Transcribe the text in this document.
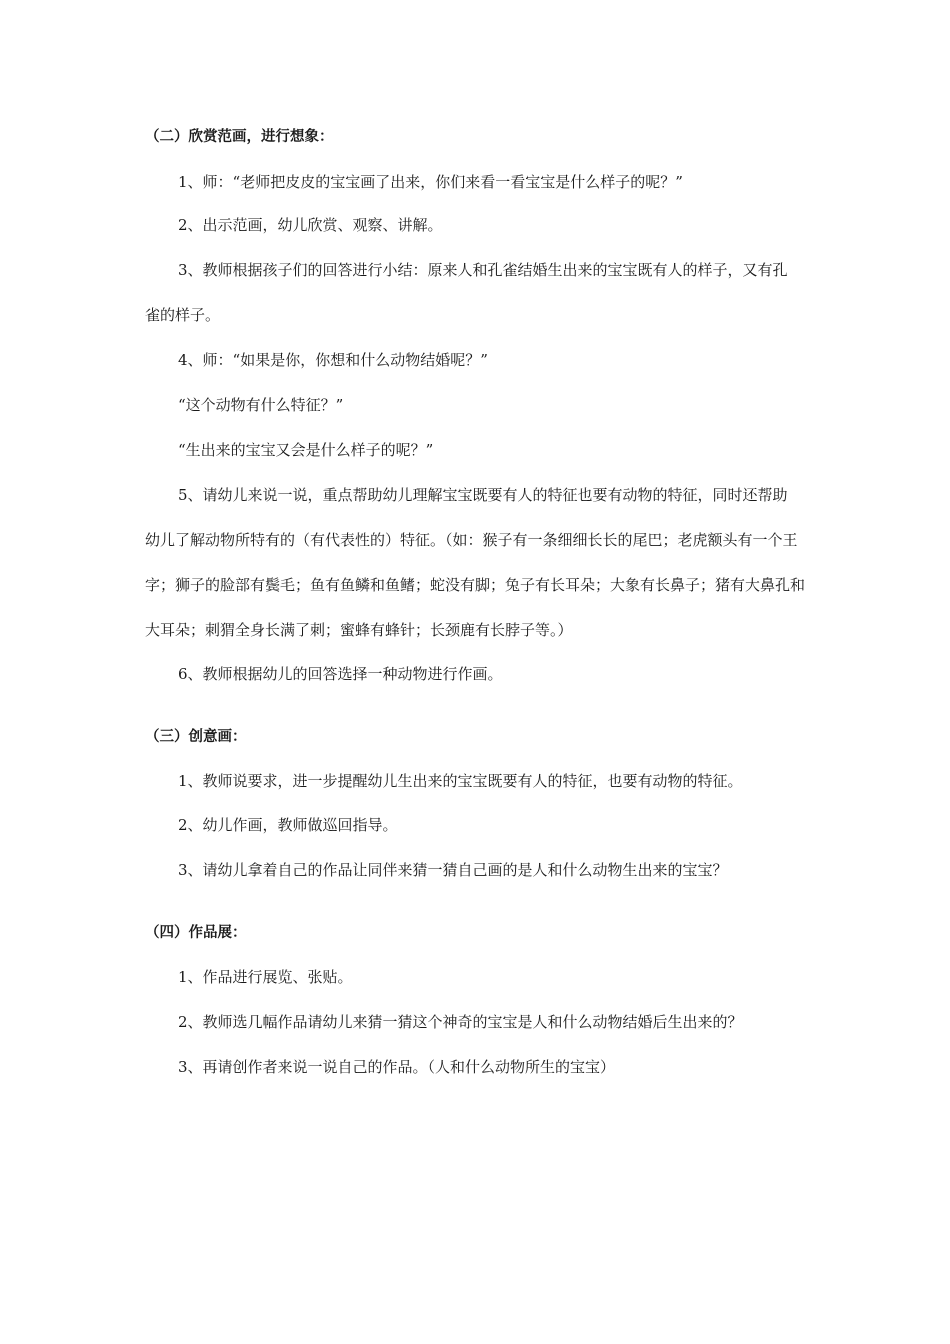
（二）欣赏范画，进行想象：

1、师：“老师把皮皮的宝宝画了出来，你们来看一看宝宝是什么样子的呢？”

2、出示范画，幼儿欣赏、观察、讲解。

3、教师根据孩子们的回答进行小结：原来人和孔雀结婚生出来的宝宝既有人的样子，又有孔

雀的样子。

4、师：“如果是你，你想和什么动物结婚呢？”

“这个动物有什么特征？”

“生出来的宝宝又会是什么样子的呢？”

5、请幼儿来说一说，重点帮助幼儿理解宝宝既要有人的特征也要有动物的特征，同时还帮助

幼儿了解动物所特有的（有代表性的）特征。（如：猴子有一条细细长长的尾巴；老虎额头有一个王

字；狮子的脸部有鬓毛；鱼有鱼鳞和鱼鳍；蛇没有脚；兔子有长耳朵；大象有长鼻子；猪有大鼻孔和

大耳朵；刺猬全身长满了刺；蜜蜂有蜂针；长颈鹿有长脖子等。）

6、教师根据幼儿的回答选择一种动物进行作画。

（三）创意画：

1、教师说要求，进一步提醒幼儿生出来的宝宝既要有人的特征，也要有动物的特征。

2、幼儿作画，教师做巡回指导。

3、请幼儿拿着自己的作品让同伴来猜一猜自己画的是人和什么动物生出来的宝宝？

（四）作品展：

1、作品进行展览、张贴。

2、教师选几幅作品请幼儿来猜一猜这个神奇的宝宝是人和什么动物结婚后生出来的？

3、再请创作者来说一说自己的作品。（人和什么动物所生的宝宝）
